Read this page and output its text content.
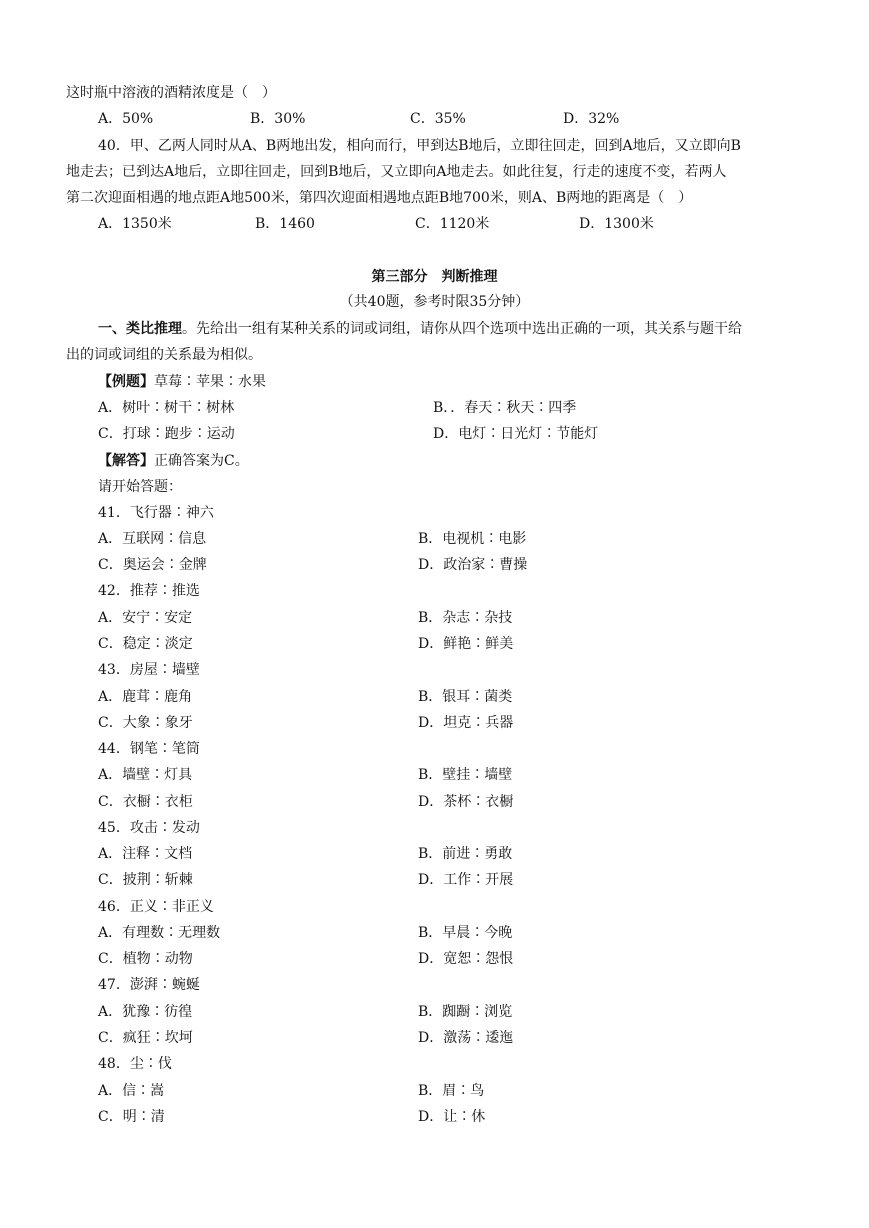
这时瓶中溶液的酒精浓度是（　）
A．50%	B．30%	C．35%	D．32%
40．甲、乙两人同时从A、B两地出发，相向而行，甲到达B地后，立即往回走，回到A地后，又立即向B
地走去；已到达A地后，立即往回走，回到B地后，又立即向A地走去。如此往复，行走的速度不变，若两人
第二次迎面相遇的地点距A地500米，第四次迎面相遇地点距B地700米，则A、B两地的距离是（　）
A．1350米	B．1460	C．1120米	D．1300米
第三部分　判断推理
（共40题，参考时限35分钟）
一、类比推理。先给出一组有某种关系的词或词组，请你从四个选项中选出正确的一项，其关系与题干给
出的词或词组的关系最为相似。
【例题】草莓∶苹果∶水果
A．树叶∶树干∶树林	B．．春天∶秋天∶四季
C．打球∶跑步∶运动	D．电灯∶日光灯∶节能灯
【解答】正确答案为C。
请开始答题：
41．飞行器∶神六
A．互联网∶信息	B．电视机∶电影
C．奥运会∶金牌	D．政治家∶曹操
42．推荐∶推选
A．安宁∶安定	B．杂志∶杂技
C．稳定∶淡定	D．鲜艳∶鲜美
43．房屋∶墙壁
A．鹿茸∶鹿角	B．银耳∶菌类
C．大象∶象牙	D．坦克∶兵器
44．钢笔∶笔筒
A．墙壁∶灯具	B．壁挂∶墙壁
C．衣橱∶衣柜	D．茶杯∶衣橱
45．攻击∶发动
A．注释∶文档	B．前进∶勇敢
C．披荆∶斩棘	D．工作∶开展
46．正义∶非正义
A．有理数∶无理数	B．早晨∶今晚
C．植物∶动物	D．宽恕∶怨恨
47．澎湃∶蜿蜒
A．犹豫∶彷徨	B．踟蹰∶浏览
C．疯狂∶坎坷	D．激荡∶逶迤
48．尘∶伐
A．信∶嵩	B．眉∶鸟
C．明∶清	D．让∶休
